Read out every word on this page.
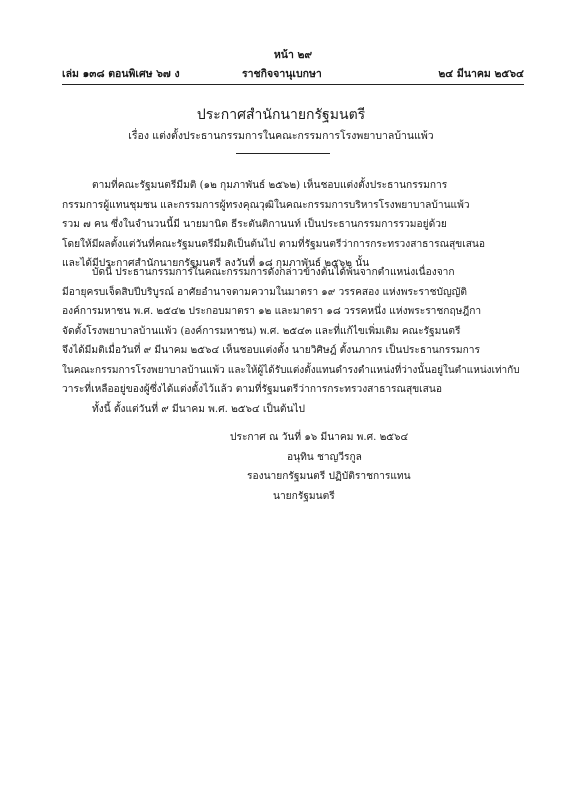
หน้า ๒๙
เล่ม ๑๓๘ ตอนพิเศษ ๖๗ ง	ราชกิจจานุเบกษา	๒๔ มีนาคม ๒๕๖๔
ประกาศสำนักนายกรัฐมนตรี
เรื่อง แต่งตั้งประธานกรรมการในคณะกรรมการโรงพยาบาลบ้านแพ้ว
ตามที่คณะรัฐมนตรีมีมติ (๑๒ กุมภาพันธ์ ๒๕๖๒) เห็นชอบแต่งตั้งประธานกรรมการ
กรรมการผู้แทนชุมชน และกรรมการผู้ทรงคุณวุฒิในคณะกรรมการบริหารโรงพยาบาลบ้านแพ้ว
รวม ๗ คน ซึ่งในจำนวนนี้มี นายมานิต ธีระตันติกานนท์ เป็นประธานกรรมการรวมอยู่ด้วย
โดยให้มีผลตั้งแต่วันที่คณะรัฐมนตรีมีมติเป็นต้นไป ตามที่รัฐมนตรีว่าการกระทรวงสาธารณสุขเสนอ
และได้มีประกาศสำนักนายกรัฐมนตรี ลงวันที่ ๑๘ กุมภาพันธ์ ๒๕๖๒ นั้น
บัดนี้ ประธานกรรมการในคณะกรรมการดังกล่าวข้างต้นได้พ้นจากตำแหน่งเนื่องจาก
มีอายุครบเจ็ดสิบปีบริบูรณ์ อาศัยอำนาจตามความในมาตรา ๑๙ วรรคสอง แห่งพระราชบัญญัติ
องค์การมหาชน พ.ศ. ๒๕๔๒ ประกอบมาตรา ๑๒ และมาตรา ๑๘ วรรคหนึ่ง แห่งพระราชกฤษฎีกา
จัดตั้งโรงพยาบาลบ้านแพ้ว (องค์การมหาชน) พ.ศ. ๒๕๔๓ และที่แก้ไขเพิ่มเติม คณะรัฐมนตรี
จึงได้มีมติเมื่อวันที่ ๙ มีนาคม ๒๕๖๔ เห็นชอบแต่งตั้ง นายวิศิษฎ์ ตั้งนภากร เป็นประธานกรรมการ
ในคณะกรรมการโรงพยาบาลบ้านแพ้ว และให้ผู้ได้รับแต่งตั้งแทนดำรงตำแหน่งที่ว่างนั้นอยู่ในตำแหน่งเท่ากับ
วาระที่เหลืออยู่ของผู้ซึ่งได้แต่งตั้งไว้แล้ว ตามที่รัฐมนตรีว่าการกระทรวงสาธารณสุขเสนอ
ทั้งนี้ ตั้งแต่วันที่ ๙ มีนาคม พ.ศ. ๒๕๖๔ เป็นต้นไป
ประกาศ ณ วันที่ ๑๖ มีนาคม พ.ศ. ๒๕๖๔
อนุทิน ชาญวีรกูล
รองนายกรัฐมนตรี ปฏิบัติราชการแทน
นายกรัฐมนตรี
